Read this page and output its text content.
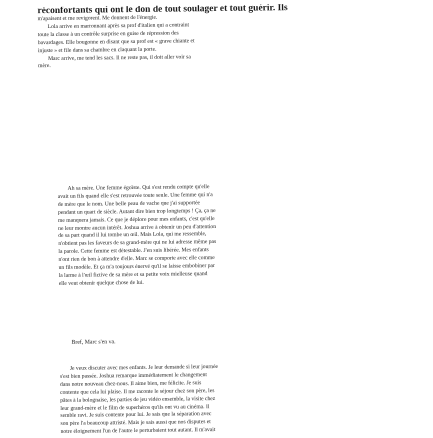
réconfortants qui ont le don de tout soulager et tout guérir. Ils
m'apaisent et me revigorent. Me donnent de l'énergie.
Lola arrive en marronnant après sa prof d'italien qui a contraint
toute la classe à un contrôle surprise en guise de répression des
bavardages. Elle bougonne en disant que sa prof est « grave chiante et
injuste » et file dans sa chambre en claquant la porte.
Marc arrive, me tend les sacs. Il ne reste pas, il doit aller voir sa
mère.

Ah sa mère. Une femme égoïste. Qui s'est rendu compte qu'elle
avait un fils quand elle s'est retrouvée toute seule. Une femme qui n'a
de mère que le nom. Une belle peau de vache que j'ai supportée
pendant un quart de siècle. Autant dire bien trop longtemps ! Ça, ça ne
me manquera jamais. Ce que je déplore pour mes enfants, c'est qu'elle
ne leur montre aucun intérêt. Joshua arrive à obtenir un peu d'attention
de sa part quand il lui tombe un œil. Mais Lola, qui me ressemble,
n'obtient pas les faveurs de sa grand-mère qui ne lui adresse même pas
la parole. Cette femme est détestable. J'en suis libérée. Mes enfants
n'ont rien de bon à attendre d'elle. Marc se comporte avec elle comme
un fils modèle. Et ça m'a toujours énervé qu'il se laisse embobiner par
la larme à l'œil fictive de sa mère et sa petite voix mielleuse quand
elle veut obtenir quelque chose de lui.

Bref, Marc s'en va.

Je veux discuter avec mes enfants. Je leur demande si leur journée
s'est bien passée. Joshua remarque immédiatement le changement
dans notre nouveau chez-nous. Il aime bien, me félicite. Je suis
contente que cela lui plaise. Il me raconte le séjour chez son père, les
pâtes à la bolognaise, les parties de jeu vidéo ensemble, la visite chez
leur grand-mère et le film de superhéros qu'ils ont vu au cinéma. Il
semble ravi. Je suis contente pour lui. Je sais que la séparation avec
son père l'a beaucoup attristé. Mais je sais aussi que nos disputes et
notre éloignement l'un de l'autre le perturbaient tout autant. Il m'avait
